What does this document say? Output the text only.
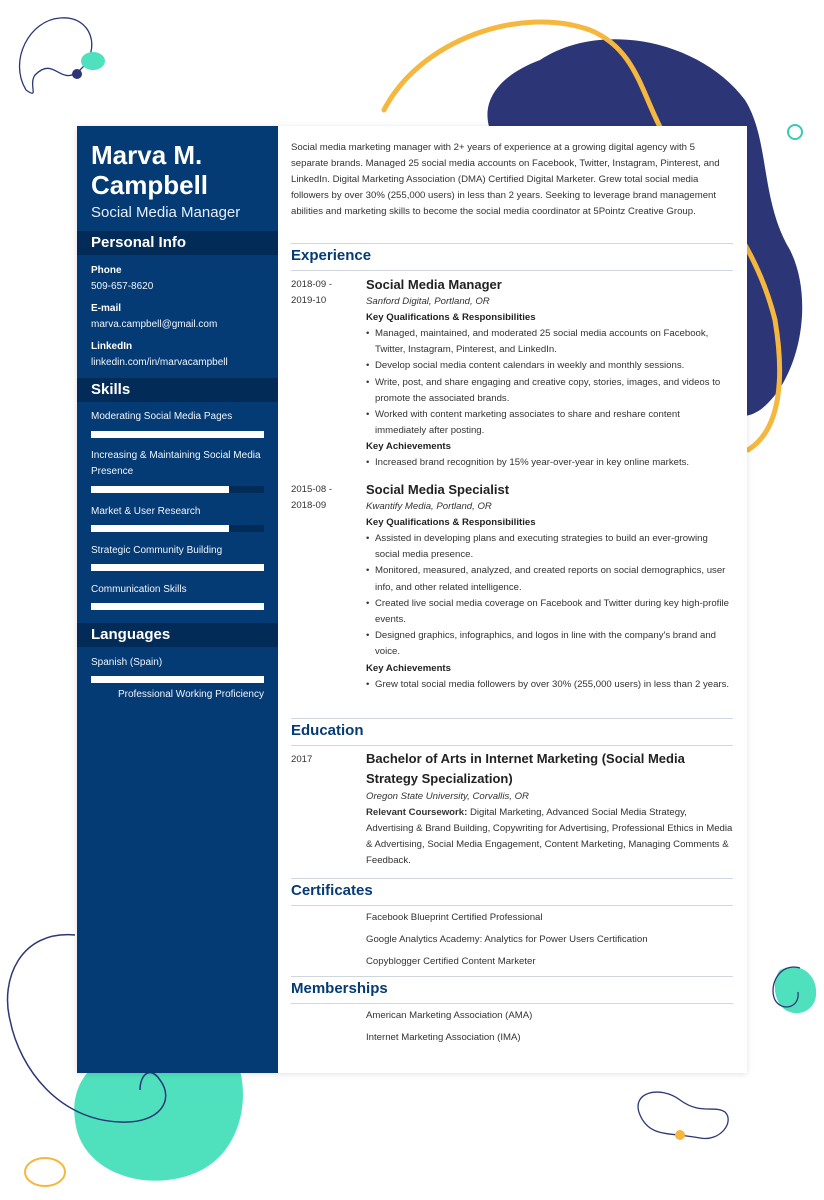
Marva M. Campbell
Social Media Manager
Personal Info
Phone
509-657-8620
E-mail
marva.campbell@gmail.com
LinkedIn
linkedin.com/in/marvacampbell
Skills
Moderating Social Media Pages
Increasing & Maintaining Social Media Presence
Market & User Research
Strategic Community Building
Communication Skills
Languages
Spanish (Spain)
Professional Working Proficiency
Social media marketing manager with 2+ years of experience at a growing digital agency with 5 separate brands. Managed 25 social media accounts on Facebook, Twitter, Instagram, Pinterest, and LinkedIn. Digital Marketing Association (DMA) Certified Digital Marketer. Grew total social media followers by over 30% (255,000 users) in less than 2 years. Seeking to leverage brand management abilities and marketing skills to become the social media coordinator at 5Pointz Creative Group.
Experience
2018-09 -
2019-10
Social Media Manager
Sanford Digital, Portland, OR
Key Qualifications & Responsibilities
• Managed, maintained, and moderated 25 social media accounts on Facebook, Twitter, Instagram, Pinterest, and LinkedIn.
• Develop social media content calendars in weekly and monthly sessions.
• Write, post, and share engaging and creative copy, stories, images, and videos to promote the associated brands.
• Worked with content marketing associates to share and reshare content immediately after posting.
Key Achievements
• Increased brand recognition by 15% year-over-year in key online markets.
2015-08 -
2018-09
Social Media Specialist
Kwantify Media, Portland, OR
Key Qualifications & Responsibilities
• Assisted in developing plans and executing strategies to build an ever-growing social media presence.
• Monitored, measured, analyzed, and created reports on social demographics, user info, and other related intelligence.
• Created live social media coverage on Facebook and Twitter during key high-profile events.
• Designed graphics, infographics, and logos in line with the company's brand and voice.
Key Achievements
• Grew total social media followers by over 30% (255,000 users) in less than 2 years.
Education
2017	Bachelor of Arts in Internet Marketing (Social Media Strategy Specialization)
Oregon State University, Corvallis, OR
Relevant Coursework: Digital Marketing, Advanced Social Media Strategy, Advertising & Brand Building, Copywriting for Advertising, Professional Ethics in Media & Advertising, Social Media Engagement, Content Marketing, Managing Comments & Feedback.
Certificates
Facebook Blueprint Certified Professional
Google Analytics Academy: Analytics for Power Users Certification
Copyblogger Certified Content Marketer
Memberships
American Marketing Association (AMA)
Internet Marketing Association (IMA)
